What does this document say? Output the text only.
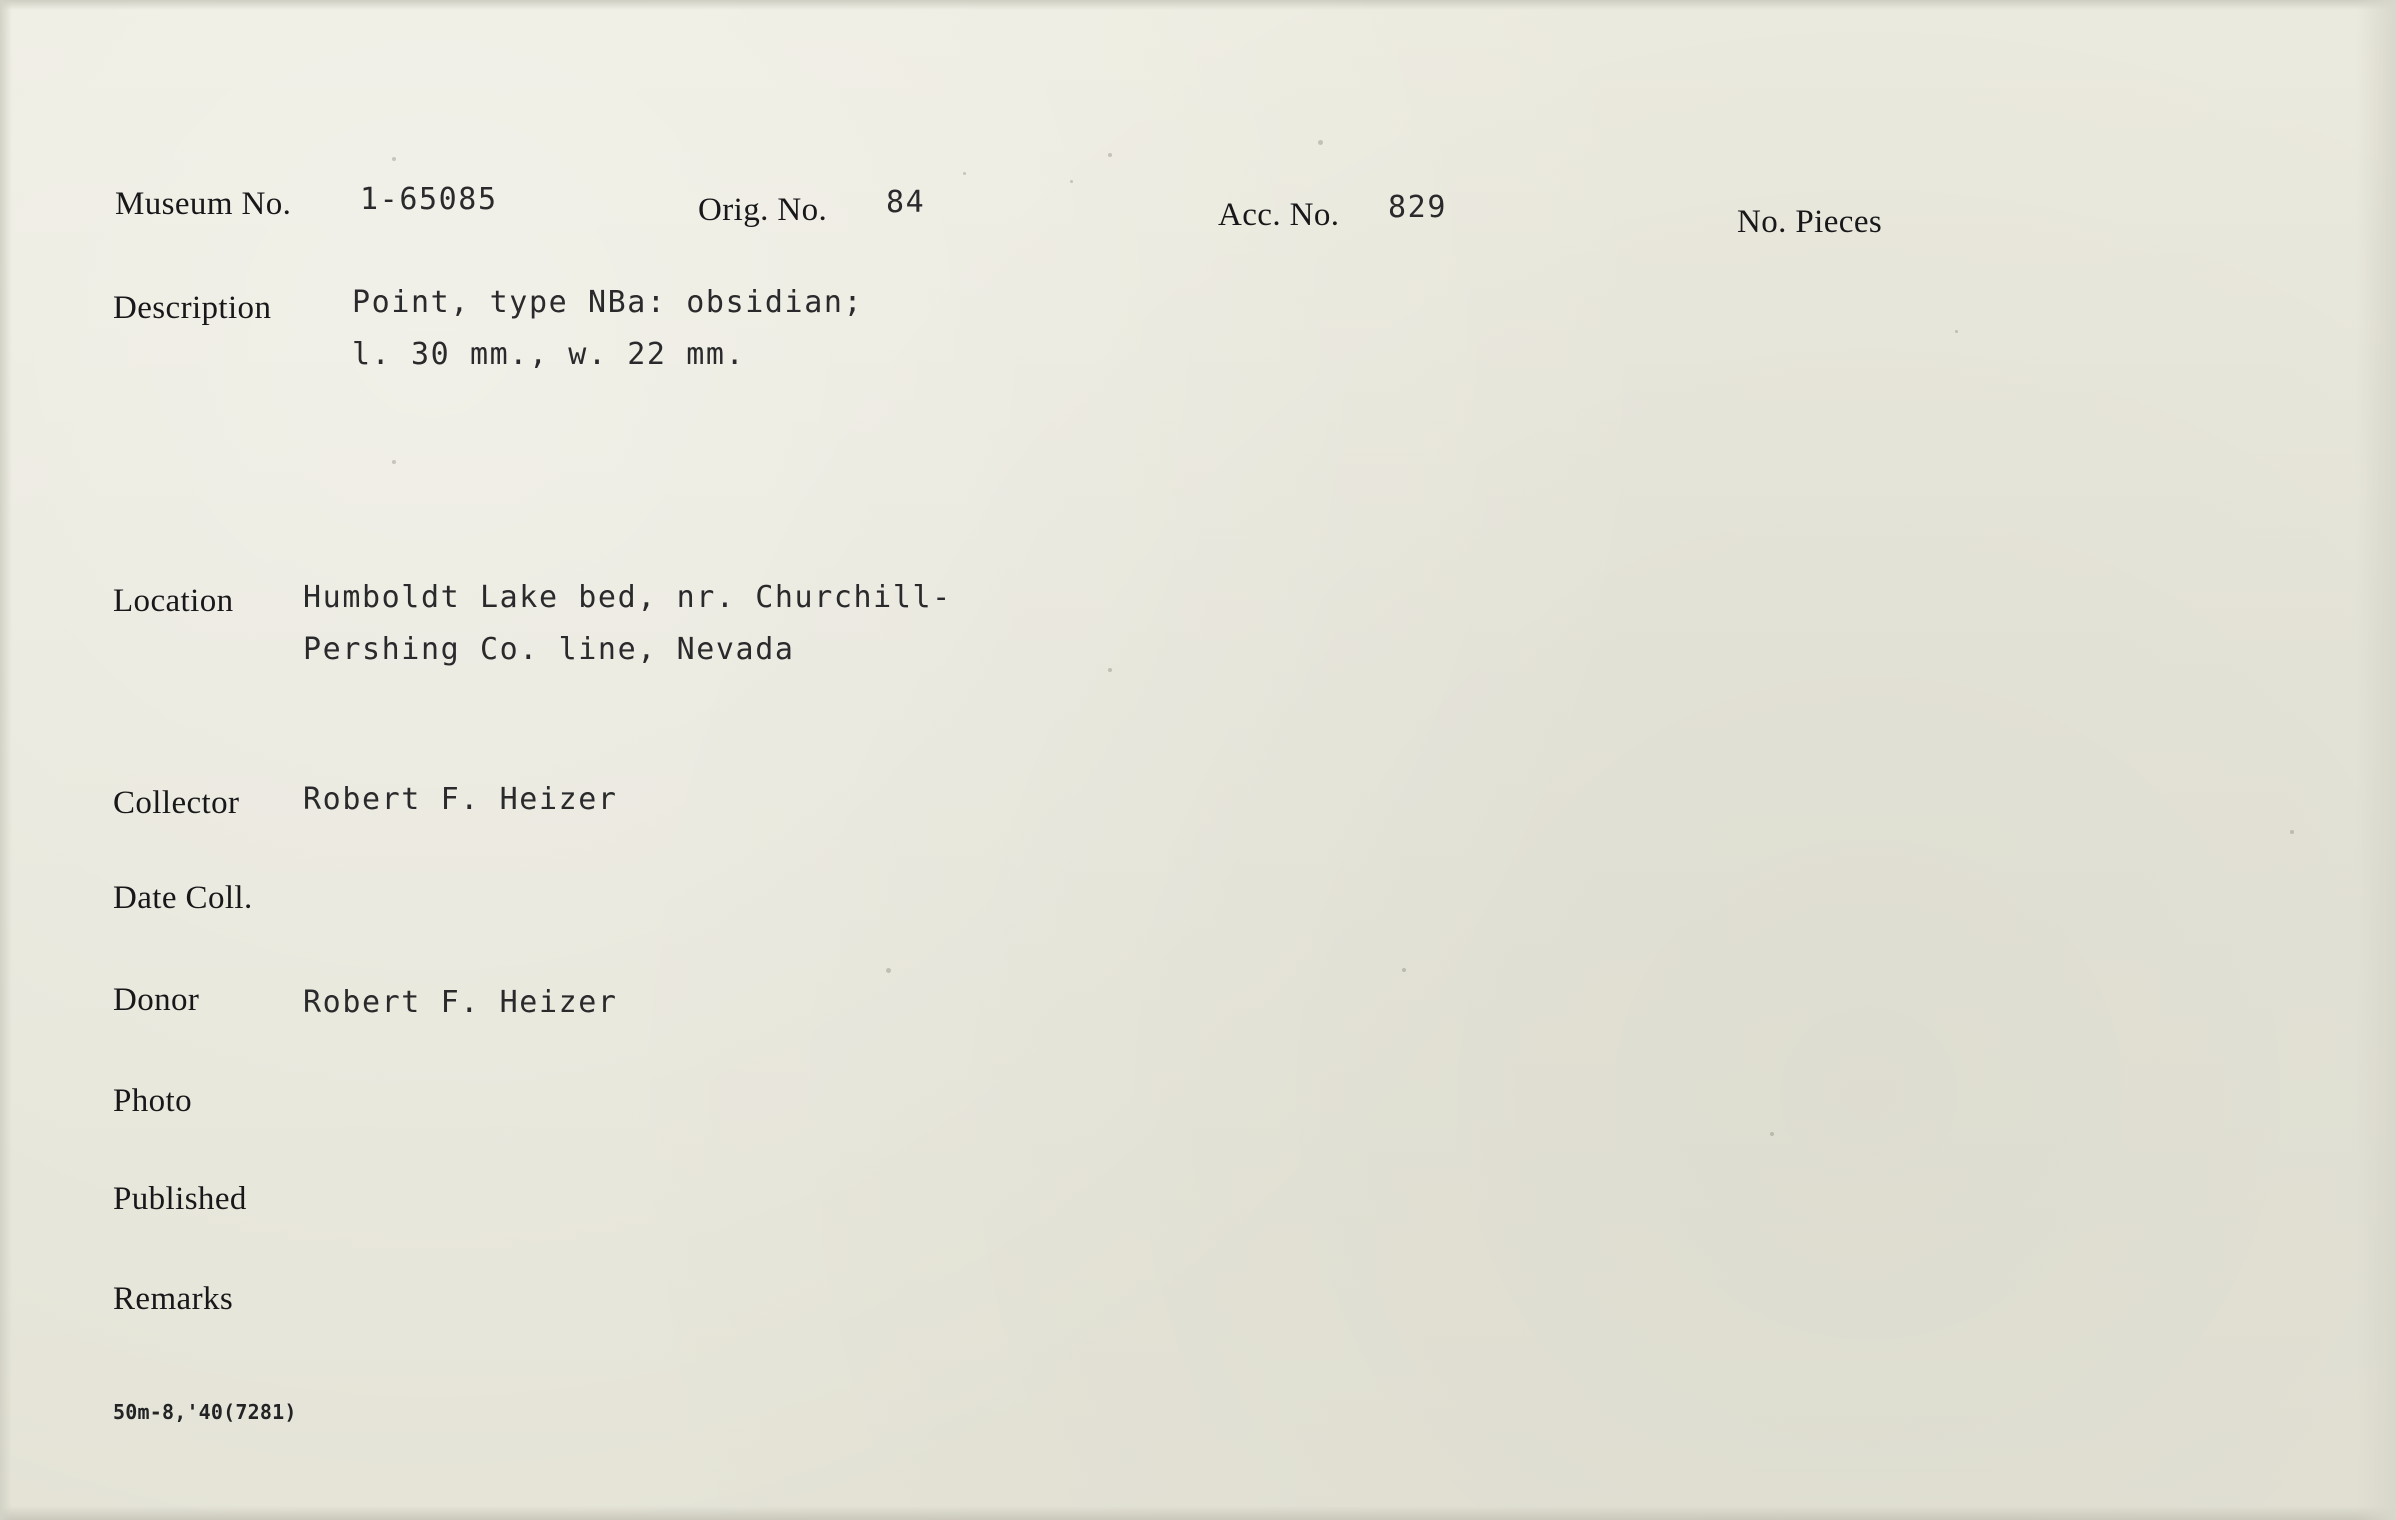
Museum No. 1-65085	Orig. No. 84	Acc. No. 829	No. Pieces
Description	Point, type NBa: obsidian;
l. 30 mm., w. 22 mm.
Location Humboldt Lake bed, nr. Churchill-
Pershing Co. line, Nevada
Collector Robert F. Heizer
Date Coll.
Donor	Robert F. Heizer
Photo
Published
Remarks
50m-8,'40(7281)
